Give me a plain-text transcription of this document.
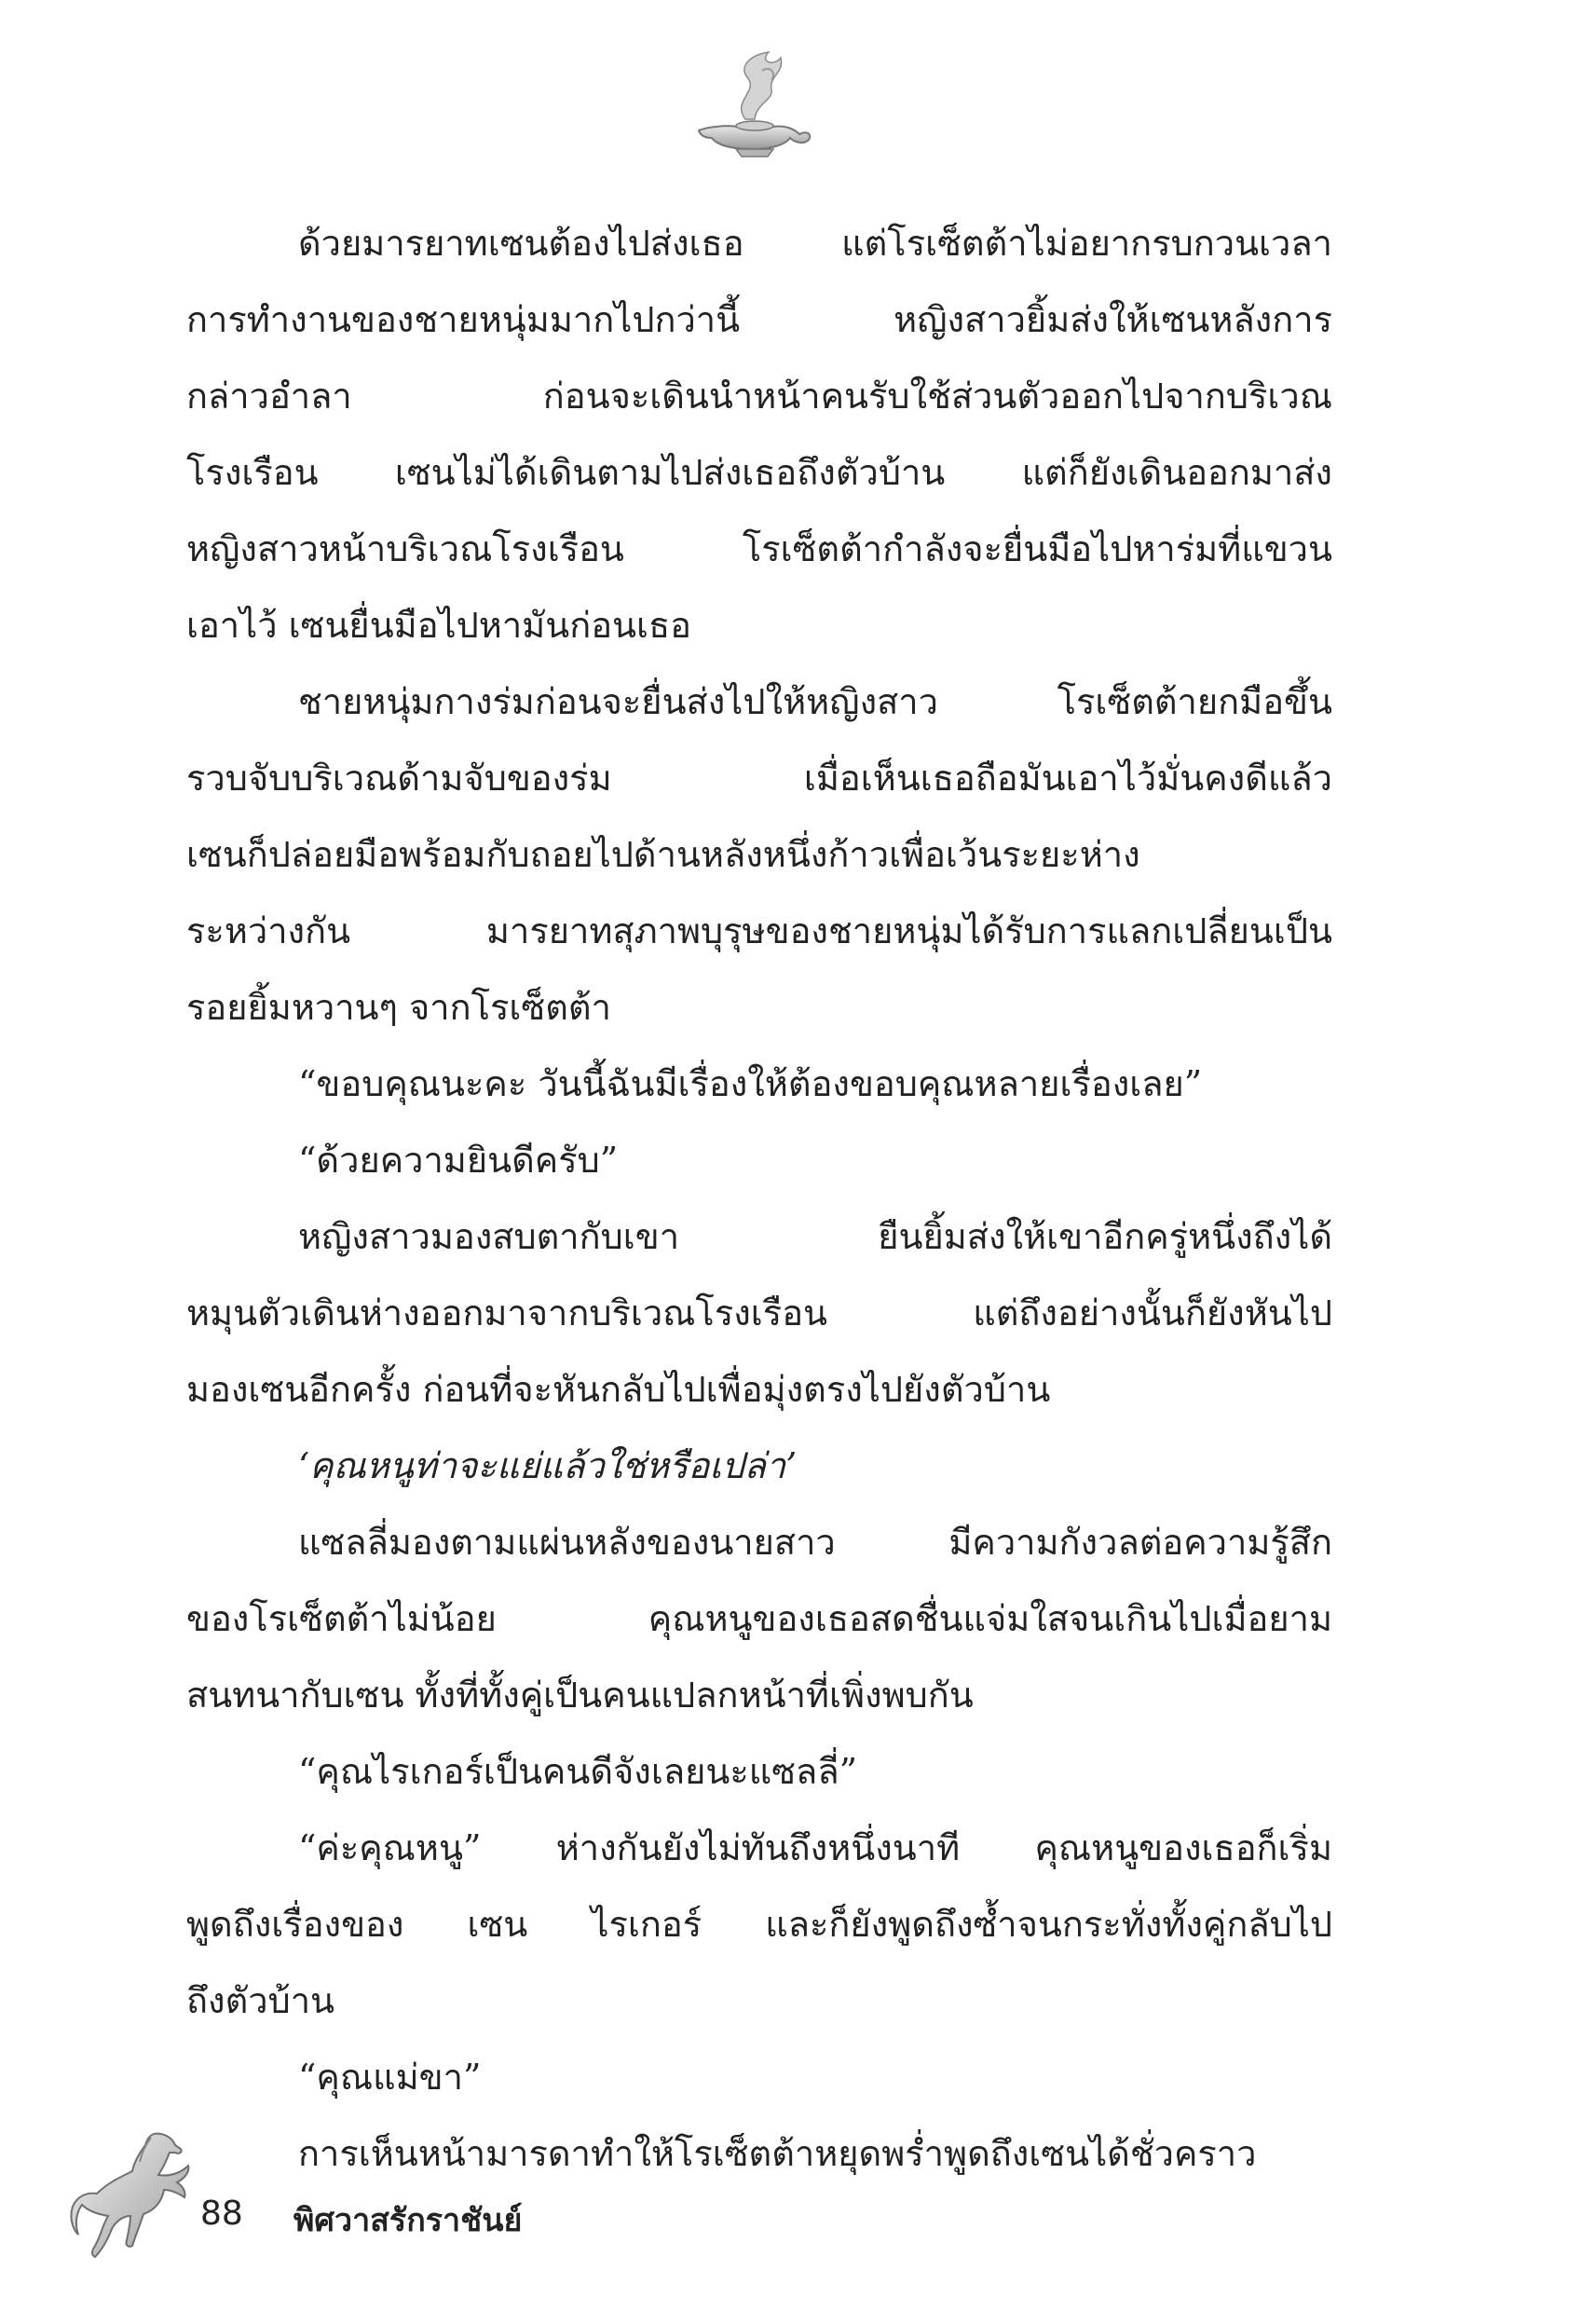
ด้วยมารยาทเซนต้องไปส่งเธอ แต่โรเซ็ตต้าไม่อยากรบกวนเวลา
การทำงานของชายหนุ่มมากไปกว่านี้ หญิงสาวยิ้มส่งให้เซนหลังการ
กล่าวอำลา ก่อนจะเดินนำหน้าคนรับใช้ส่วนตัวออกไปจากบริเวณ
โรงเรือน เซนไม่ได้เดินตามไปส่งเธอถึงตัวบ้าน แต่ก็ยังเดินออกมาส่ง
หญิงสาวหน้าบริเวณโรงเรือน โรเซ็ตต้ากำลังจะยื่นมือไปหาร่มที่แขวน
เอาไว้ เซนยื่นมือไปหามันก่อนเธอ
ชายหนุ่มกางร่มก่อนจะยื่นส่งไปให้หญิงสาว โรเซ็ตต้ายกมือขึ้น
รวบจับบริเวณด้ามจับของร่ม เมื่อเห็นเธอถือมันเอาไว้มั่นคงดีแล้ว
เซนก็ปล่อยมือพร้อมกับถอยไปด้านหลังหนึ่งก้าวเพื่อเว้นระยะห่าง
ระหว่างกัน มารยาทสุภาพบุรุษของชายหนุ่มได้รับการแลกเปลี่ยนเป็น
รอยยิ้มหวานๆ จากโรเซ็ตต้า
“ขอบคุณนะคะ วันนี้ฉันมีเรื่องให้ต้องขอบคุณหลายเรื่องเลย”
“ด้วยความยินดีครับ”
หญิงสาวมองสบตากับเขา ยืนยิ้มส่งให้เขาอีกครู่หนึ่งถึงได้
หมุนตัวเดินห่างออกมาจากบริเวณโรงเรือน แต่ถึงอย่างนั้นก็ยังหันไป
มองเซนอีกครั้ง ก่อนที่จะหันกลับไปเพื่อมุ่งตรงไปยังตัวบ้าน
‘คุณหนูท่าจะแย่แล้วใช่หรือเปล่า’
แซลลี่มองตามแผ่นหลังของนายสาว มีความกังวลต่อความรู้สึก
ของโรเซ็ตต้าไม่น้อย คุณหนูของเธอสดชื่นแจ่มใสจนเกินไปเมื่อยาม
สนทนากับเซน ทั้งที่ทั้งคู่เป็นคนแปลกหน้าที่เพิ่งพบกัน
“คุณไรเกอร์เป็นคนดีจังเลยนะแซลลี่”
“ค่ะคุณหนู” ห่างกันยังไม่ทันถึงหนึ่งนาที คุณหนูของเธอก็เริ่ม
พูดถึงเรื่องของ เซน ไรเกอร์ และก็ยังพูดถึงซ้ำจนกระทั่งทั้งคู่กลับไป
ถึงตัวบ้าน
“คุณแม่ขา”
การเห็นหน้ามารดาทำให้โรเซ็ตต้าหยุดพร่ำพูดถึงเซนได้ชั่วคราว
88 พิศวาสรักราชันย์
